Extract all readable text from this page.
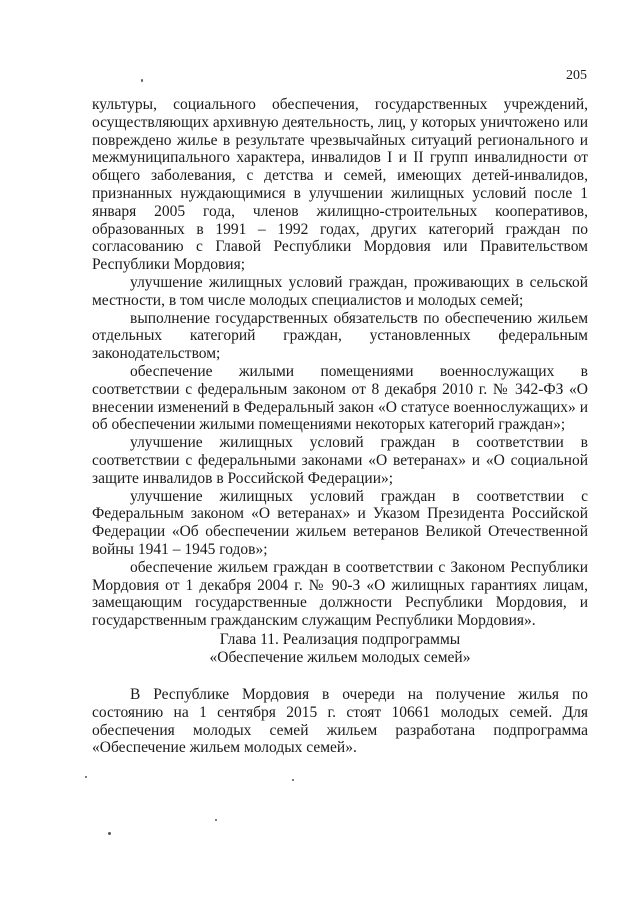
205

культуры, социального обеспечения, государственных учреждений, осуществляющих архивную деятельность, лиц, у которых уничтожено или повреждено жилье в результате чрезвычайных ситуаций регионального и межмуниципального характера, инвалидов I и II групп инвалидности от общего заболевания, с детства и семей, имеющих детей-инвалидов, признанных нуждающимися в улучшении жилищных условий после 1 января 2005 года, членов жилищно-строительных кооперативов, образованных в 1991 – 1992 годах, других категорий граждан по согласованию с Главой Республики Мордовия или Правительством Республики Мордовия;

улучшение жилищных условий граждан, проживающих в сельской местности, в том числе молодых специалистов и молодых семей;

выполнение государственных обязательств по обеспечению жильем отдельных категорий граждан, установленных федеральным законодательством;

обеспечение жилыми помещениями военнослужащих в соответствии с федеральным законом от 8 декабря 2010 г. № 342-ФЗ «О внесении изменений в Федеральный закон «О статусе военнослужащих» и об обеспечении жилыми помещениями некоторых категорий граждан»;

улучшение жилищных условий граждан в соответствии в соответствии с федеральными законами «О ветеранах» и «О социальной защите инвалидов в Российской Федерации»;

улучшение жилищных условий граждан в соответствии с Федеральным законом «О ветеранах» и Указом Президента Российской Федерации «Об обеспечении жильем ветеранов Великой Отечественной войны 1941 – 1945 годов»;

обеспечение жильем граждан в соответствии с Законом Республики Мордовия от 1 декабря 2004 г. № 90-З «О жилищных гарантиях лицам, замещающим государственные должности Республики Мордовия, и государственным гражданским служащим Республики Мордовия».

Глава 11. Реализация подпрограммы
«Обеспечение жильем молодых семей»

В Республике Мордовия в очереди на получение жилья по состоянию на 1 сентября 2015 г. стоят 10661 молодых семей. Для обеспечения молодых семей жильем разработана подпрограмма «Обеспечение жильем молодых семей».
